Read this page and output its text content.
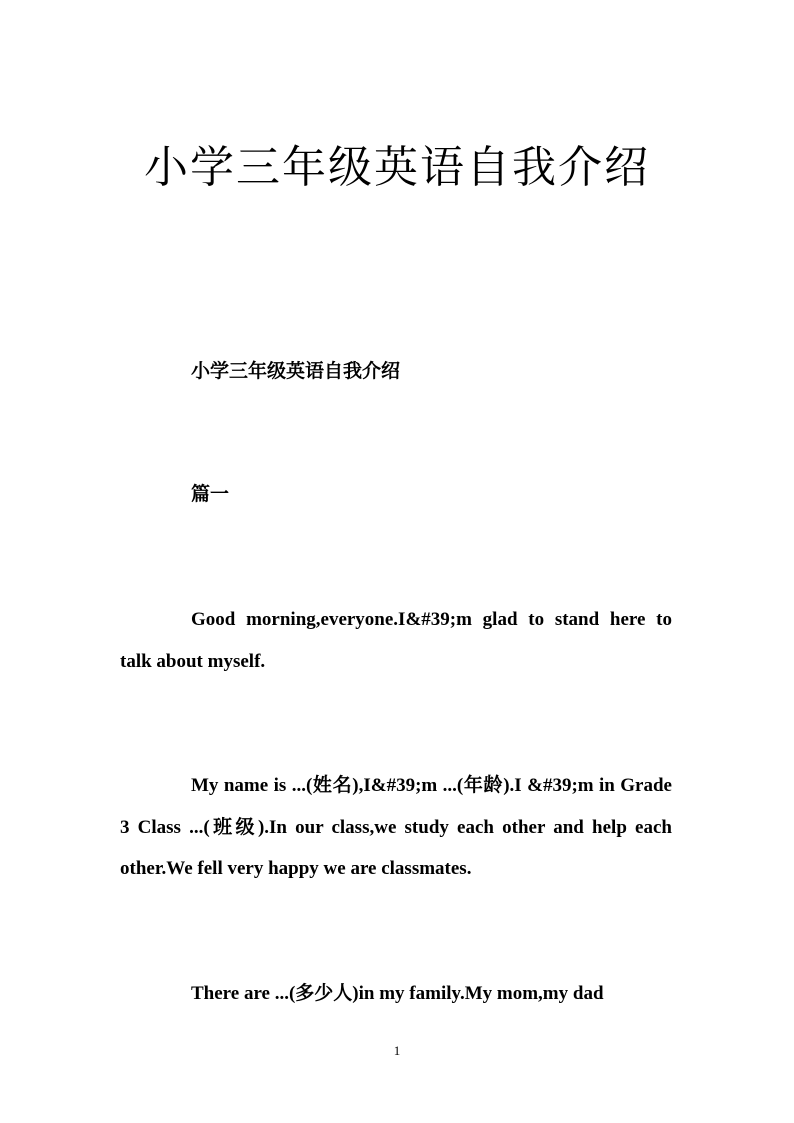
小学三年级英语自我介绍

小学三年级英语自我介绍

篇一

Good morning,everyone.I&#39;m glad to stand here to talk about myself.

My name is ...(姓名),I&#39;m ...(年龄).I &#39;m in Grade 3 Class ...(班级).In our class,we study each other and help each other.We fell very happy we are classmates.

There are ...(多少人)in my family.My mom,my dad

1
